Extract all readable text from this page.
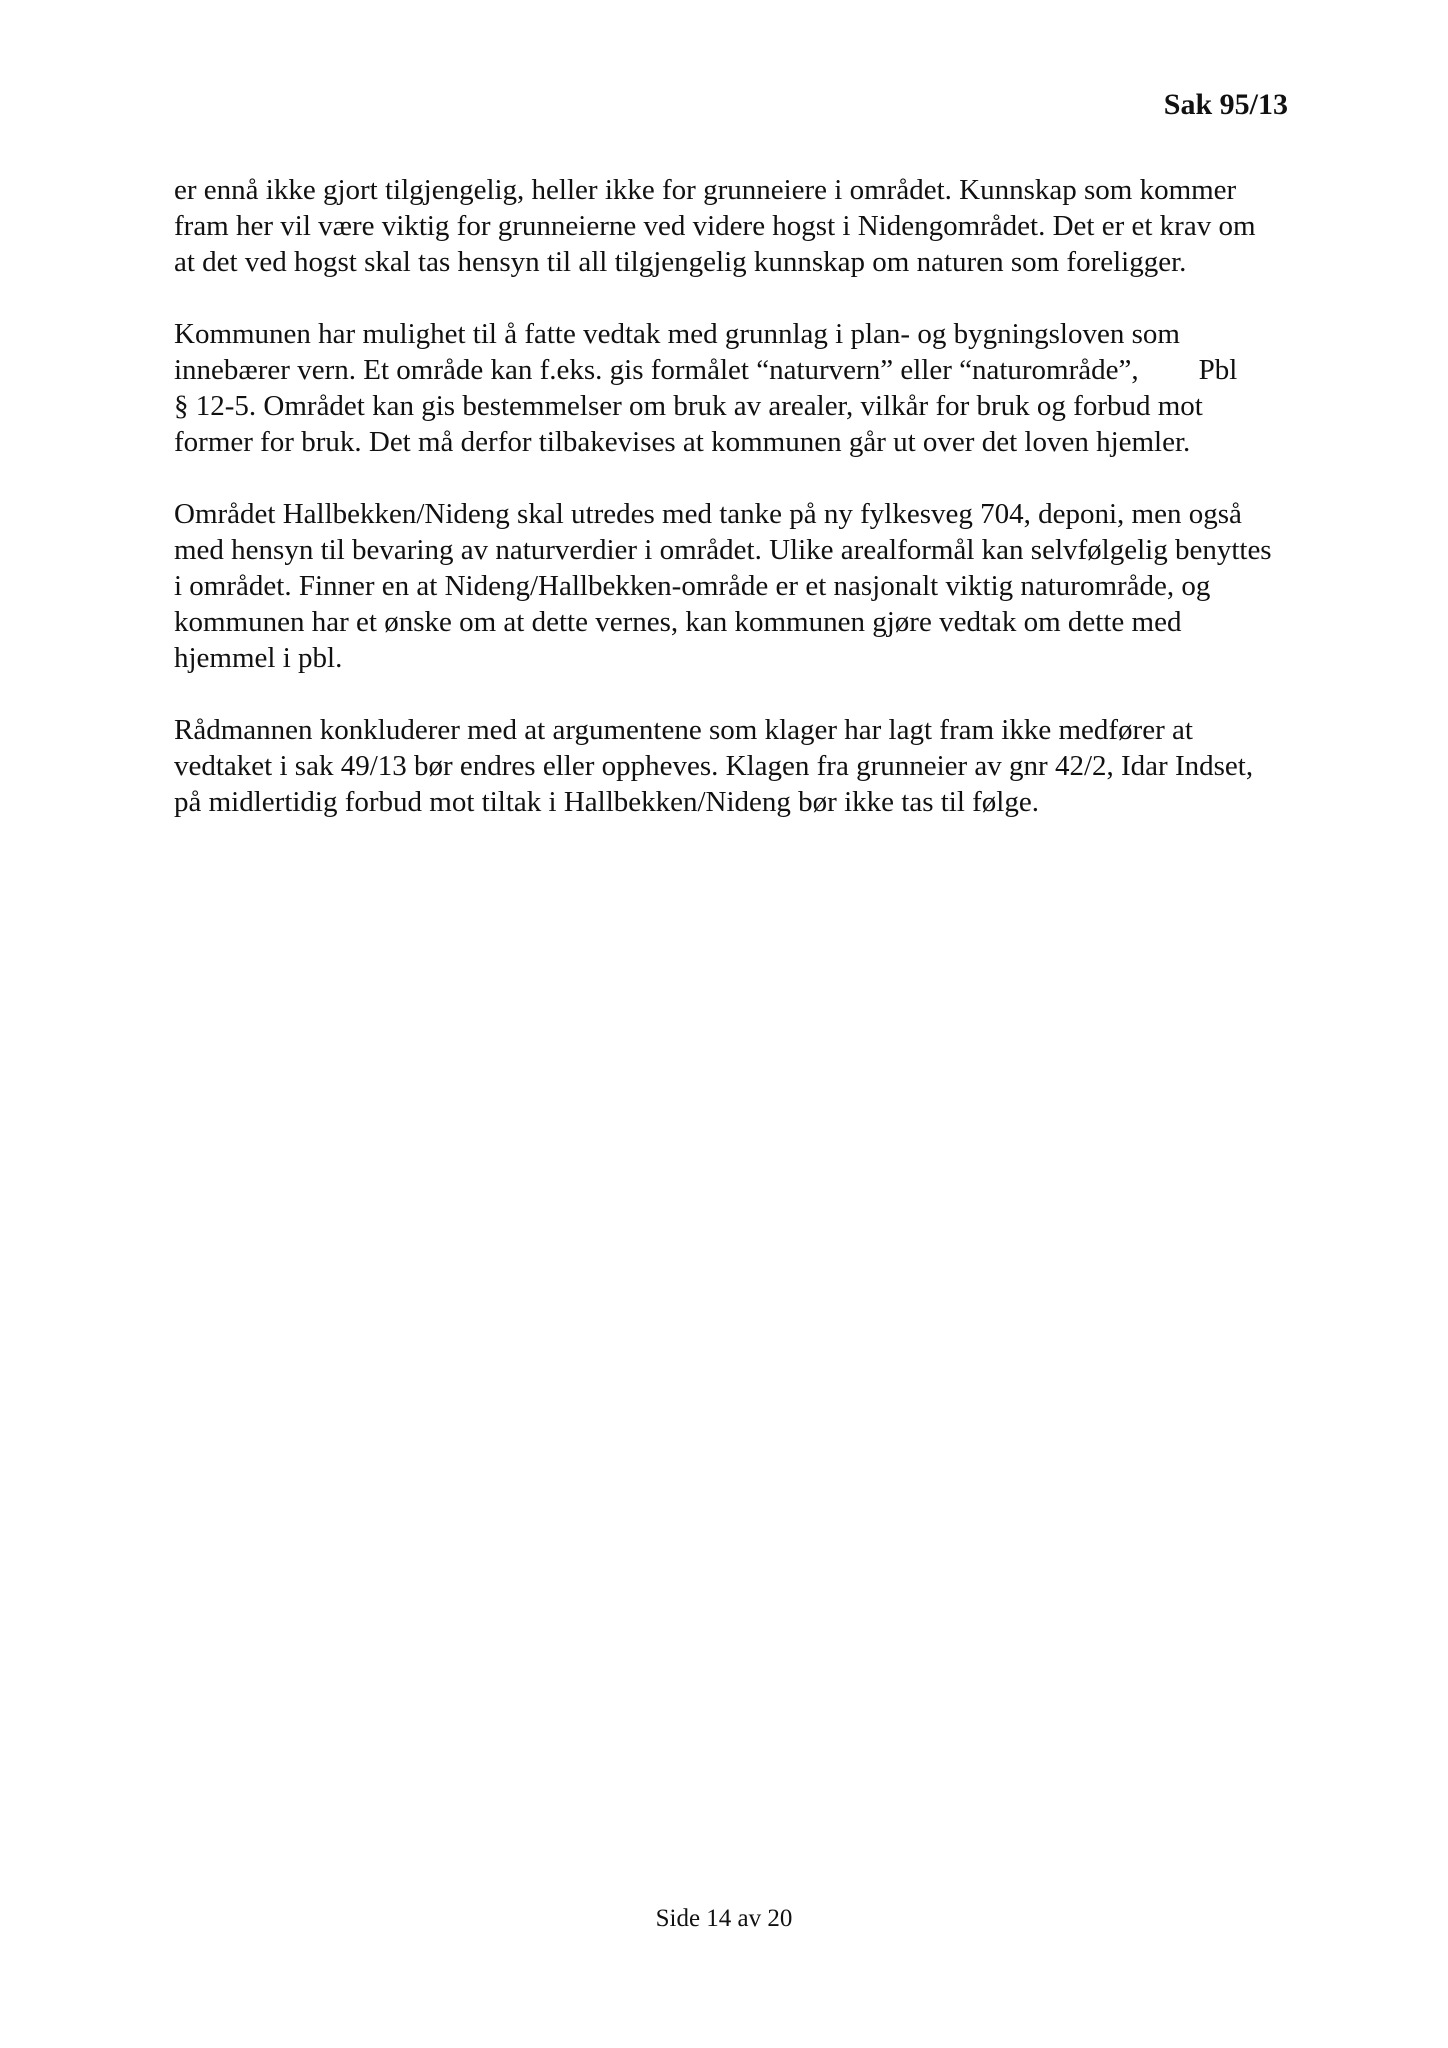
Sak 95/13

er ennå ikke gjort tilgjengelig, heller ikke for grunneiere i området. Kunnskap som kommer
fram her vil være viktig for grunneierne ved videre hogst i Nidengområdet. Det er et krav om
at det ved hogst skal tas hensyn til all tilgjengelig kunnskap om naturen som foreligger.

Kommunen har mulighet til å fatte vedtak med grunnlag i plan- og bygningsloven som
innebærer vern. Et område kan f.eks. gis formålet “naturvern” eller “naturområde”, Pbl
§ 12-5. Området kan gis bestemmelser om bruk av arealer, vilkår for bruk og forbud mot
former for bruk. Det må derfor tilbakevises at kommunen går ut over det loven hjemler.

Området Hallbekken/Nideng skal utredes med tanke på ny fylkesveg 704, deponi, men også
med hensyn til bevaring av naturverdier i området. Ulike arealformål kan selvfølgelig benyttes
i området. Finner en at Nideng/Hallbekken-område er et nasjonalt viktig naturområde, og
kommunen har et ønske om at dette vernes, kan kommunen gjøre vedtak om dette med
hjemmel i pbl.

Rådmannen konkluderer med at argumentene som klager har lagt fram ikke medfører at
vedtaket i sak 49/13 bør endres eller oppheves. Klagen fra grunneier av gnr 42/2, Idar Indset,
på midlertidig forbud mot tiltak i Hallbekken/Nideng bør ikke tas til følge.

Side 14 av 20
